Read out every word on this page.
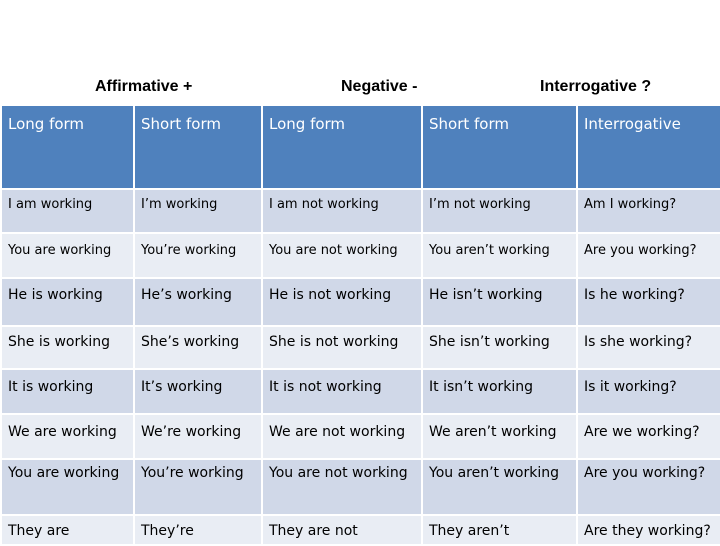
Affirmative +	Negative -	Interrogative ?
Long form	Short form	Long form	Short form	Interrogative
I am working	I’m working	I am not working	I’m not working	Am I working?
You are working	You’re working	You are not working	You aren’t working	Are you working?
He is working	He’s working	He is not working	He isn’t working	Is he working?
She is working	She’s working	She is not working	She isn’t working	Is she working?
It is working	It’s working	It is not working	It isn’t working	Is it working?
We are working	We’re working	We are not working	We aren’t working	Are we working?
You are working	You’re working	You are not working	You aren’t working	Are you working?
They are	They’re	They are not	They aren’t	Are they working?
